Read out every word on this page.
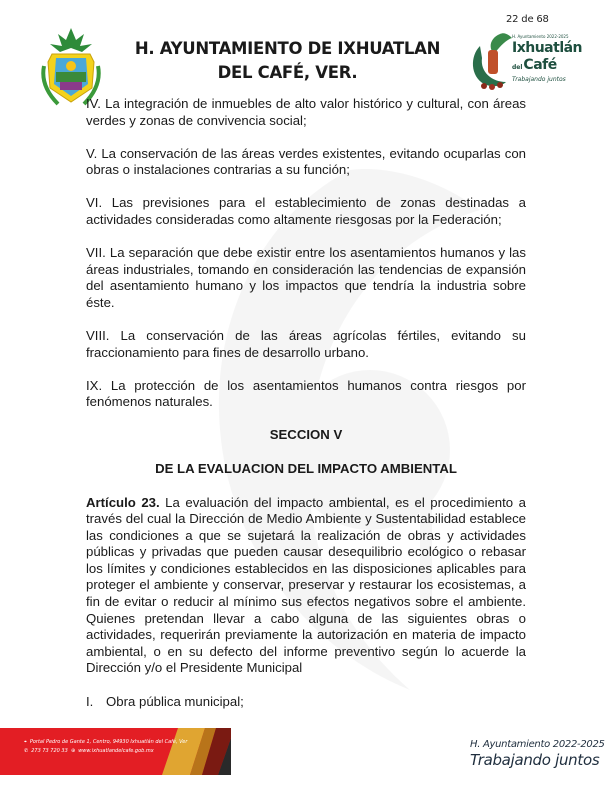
22 de 68
H. AYUNTAMIENTO DE IXHUATLAN
DEL CAFÉ, VER.
H. Ayuntamiento 2022-2025
Ixhuatlán
delCafé
Trabajando juntos

IV. La integración de inmuebles de alto valor histórico y cultural, con áreas verdes y zonas de convivencia social;

V. La conservación de las áreas verdes existentes, evitando ocuparlas con obras o instalaciones contrarias a su función;

VI. Las previsiones para el establecimiento de zonas destinadas a actividades consideradas como altamente riesgosas por la Federación;

VII. La separación que debe existir entre los asentamientos humanos y las áreas industriales, tomando en consideración las tendencias de expansión del asentamiento humano y los impactos que tendría la industria sobre éste.

VIII. La conservación de las áreas agrícolas fértiles, evitando su fraccionamiento para fines de desarrollo urbano.

IX. La protección de los asentamientos humanos contra riesgos por fenómenos naturales.

SECCION V

DE LA EVALUACION DEL IMPACTO AMBIENTAL

Artículo 23. La evaluación del impacto ambiental, es el procedimiento a través del cual la Dirección de Medio Ambiente y Sustentabilidad establece las condiciones a que se sujetará la realización de obras y actividades públicas y privadas que pueden causar desequilibrio ecológico o rebasar los límites y condiciones establecidos en las disposiciones aplicables para proteger el ambiente y conservar, preservar y restaurar los ecosistemas, a fin de evitar o reducir al mínimo sus efectos negativos sobre el ambiente. Quienes pretendan llevar a cabo alguna de las siguientes obras o actividades, requerirán previamente la autorización en materia de impacto ambiental, o en su defecto del informe preventivo según lo acuerde la Dirección y/o el Presidente Municipal

I. Obra pública municipal;
⌖ Portal Pedro de Gante 1, Centro, 94930 Ixhuatlán del Café, Ver
✆ 273 73 720 33 ⊕ www.ixhuatlandelcafe.gob.mx
H. Ayuntamiento 2022-2025
Trabajando juntos
